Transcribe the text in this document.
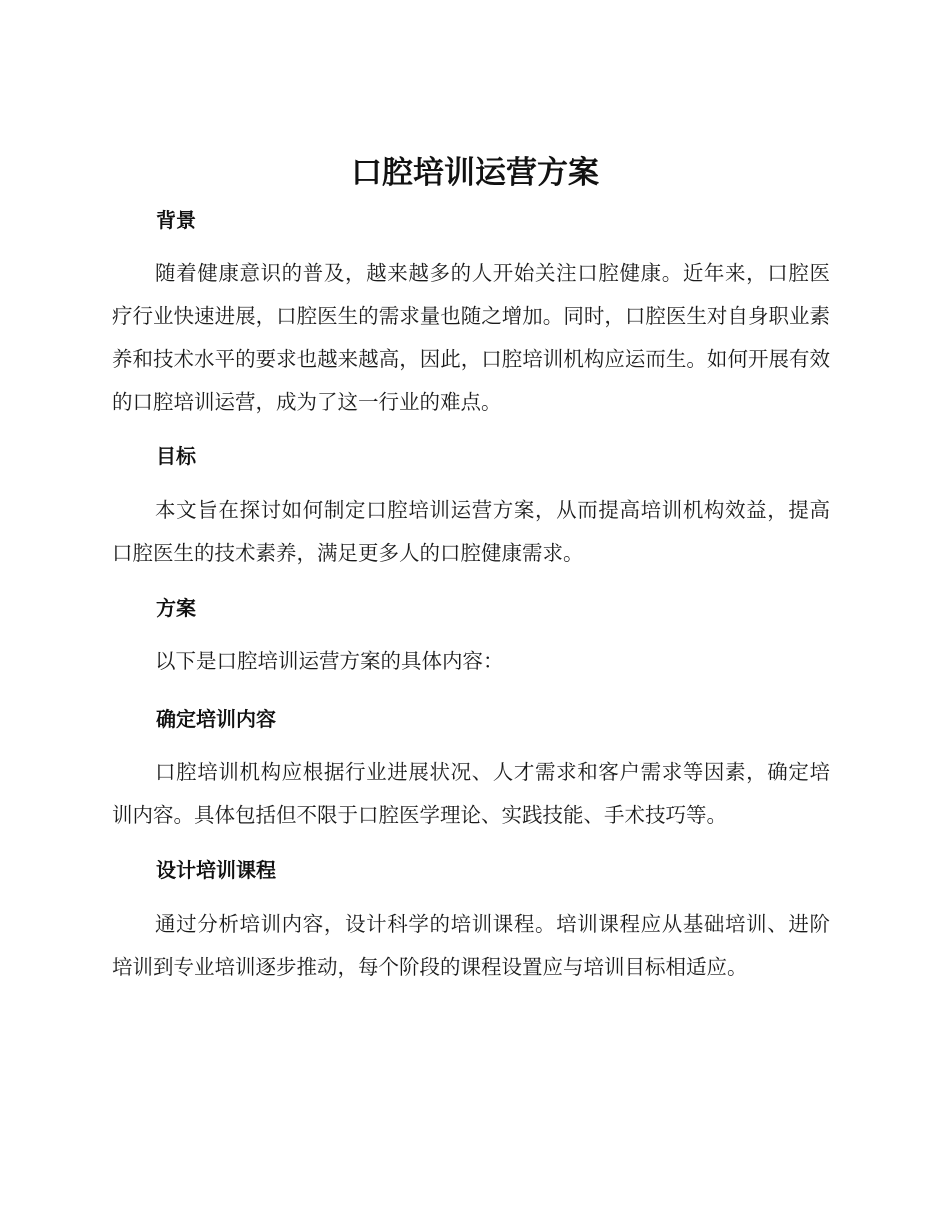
口腔培训运营方案
背景

随着健康意识的普及，越来越多的人开始关注口腔健康。近年来，口腔医疗行业快速进展，口腔医生的需求量也随之增加。同时，口腔医生对自身职业素养和技术水平的要求也越来越高，因此，口腔培训机构应运而生。如何开展有效的口腔培训运营，成为了这一行业的难点。

目标

本文旨在探讨如何制定口腔培训运营方案，从而提高培训机构效益，提高口腔医生的技术素养，满足更多人的口腔健康需求。

方案

以下是口腔培训运营方案的具体内容：

确定培训内容

口腔培训机构应根据行业进展状况、人才需求和客户需求等因素，确定培训内容。具体包括但不限于口腔医学理论、实践技能、手术技巧等。

设计培训课程

通过分析培训内容，设计科学的培训课程。培训课程应从基础培训、进阶培训到专业培训逐步推动，每个阶段的课程设置应与培训目标相适应。
